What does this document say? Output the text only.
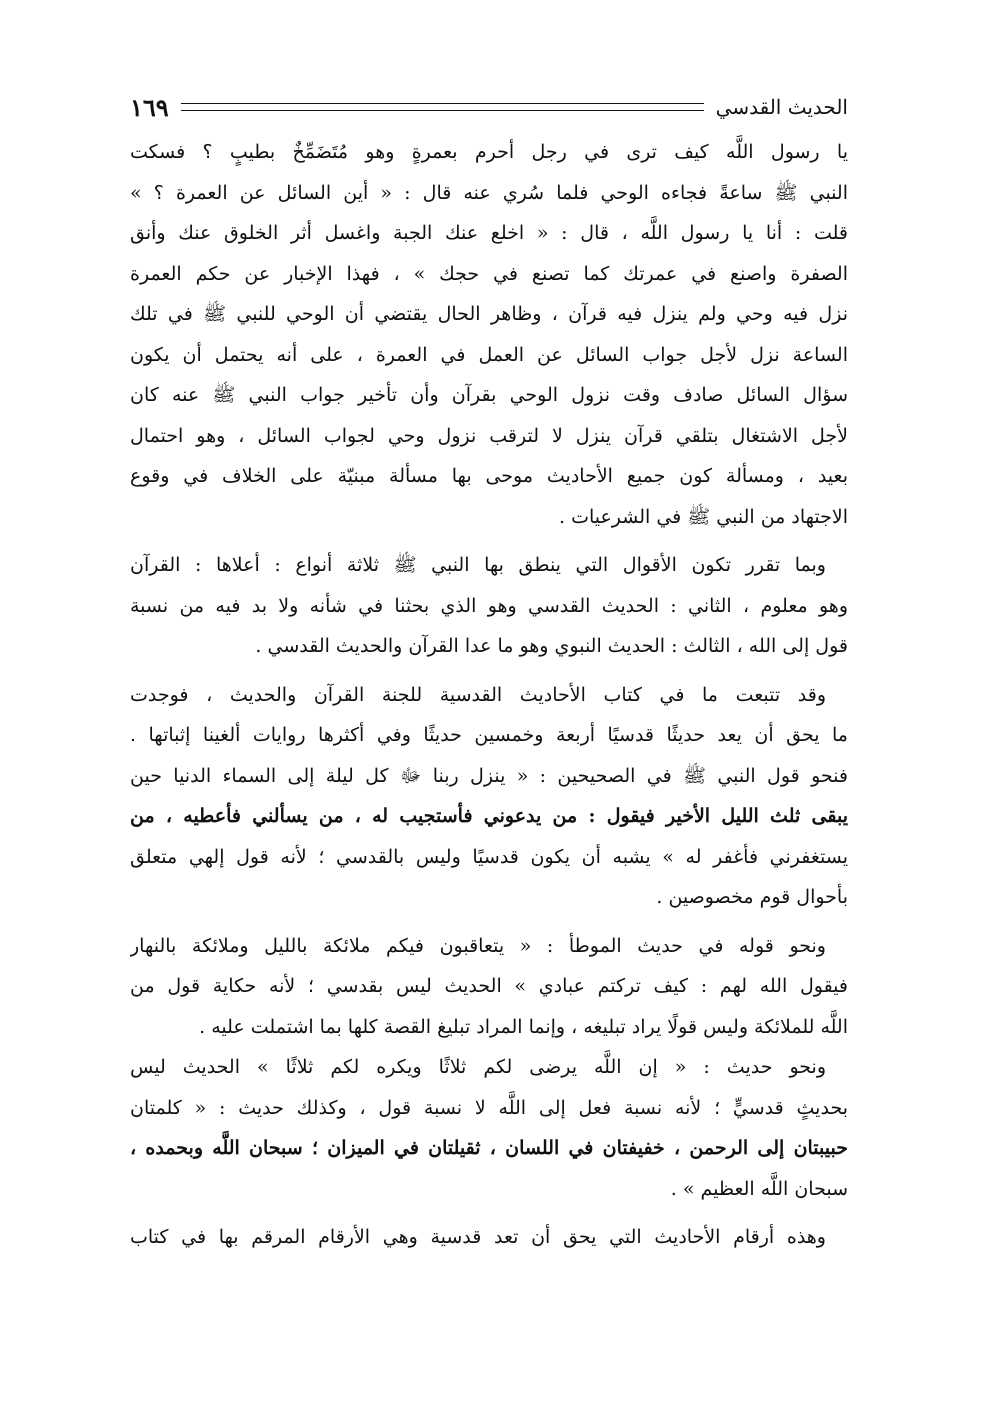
الحديث القدسي
١٦٩
يا رسول اللَّه كيف ترى في رجل أحرم بعمرةٍ وهو مُتَضَمِّخٌ بطيبٍ ؟ فسكت
النبي ﷺ ساعةً فجاءه الوحي فلما سُري عنه قال : « أين السائل عن العمرة ؟ »
قلت : أنا يا رسول اللَّه ، قال : « اخلع عنك الجبة واغسل أثر الخلوق عنك وأنق
الصفرة واصنع في عمرتك كما تصنع في حجك » ، فهذا الإخبار عن حكم العمرة
نزل فيه وحي ولم ينزل فيه قرآن ، وظاهر الحال يقتضي أن الوحي للنبي ﷺ في تلك
الساعة نزل لأجل جواب السائل عن العمل في العمرة ، على أنه يحتمل أن يكون
سؤال السائل صادف وقت نزول الوحي بقرآن وأن تأخير جواب النبي ﷺ عنه كان
لأجل الاشتغال بتلقي قرآن ينزل لا لترقب نزول وحي لجواب السائل ، وهو احتمال
بعيد ، ومسألة كون جميع الأحاديث موحى بها مسألة مبنيّة على الخلاف في وقوع
الاجتهاد من النبي ﷺ في الشرعيات .
وبما تقرر تكون الأقوال التي ينطق بها النبي ﷺ ثلاثة أنواع : أعلاها : القرآن
وهو معلوم ، الثاني : الحديث القدسي وهو الذي بحثنا في شأنه ولا بد فيه من نسبة
قول إلى الله ، الثالث : الحديث النبوي وهو ما عدا القرآن والحديث القدسي .
وقد تتبعت ما في كتاب الأحاديث القدسية للجنة القرآن والحديث ، فوجدت
ما يحق أن يعد حديثًا قدسيًا أربعة وخمسين حديثًا وفي أكثرها روايات ألغينا إثباتها .
فنحو قول النبي ﷺ في الصحيحين : « ينزل ربنا ﷻ كل ليلة إلى السماء الدنيا حين
يبقى ثلث الليل الأخير فيقول : من يدعوني فأستجيب له ، من يسألني فأعطيه ، من
يستغفرني فأغفر له » يشبه أن يكون قدسيًا وليس بالقدسي ؛ لأنه قول إلهي متعلق
بأحوال قوم مخصوصين .
ونحو قوله في حديث الموطأ : « يتعاقبون فيكم ملائكة بالليل وملائكة بالنهار
فيقول الله لهم : كيف تركتم عبادي » الحديث ليس بقدسي ؛ لأنه حكاية قول من
اللَّه للملائكة وليس قولًا يراد تبليغه ، وإنما المراد تبليغ القصة كلها بما اشتملت عليه .
ونحو حديث : « إن اللَّه يرضى لكم ثلاثًا ويكره لكم ثلاثًا » الحديث ليس
بحديثٍ قدسيٍّ ؛ لأنه نسبة فعل إلى اللَّه لا نسبة قول ، وكذلك حديث : « كلمتان
حبيبتان إلى الرحمن ، خفيفتان في اللسان ، ثقيلتان في الميزان ؛ سبحان اللَّه وبحمده ،
سبحان اللَّه العظيم » .
وهذه أرقام الأحاديث التي يحق أن تعد قدسية وهي الأرقام المرقم بها في كتاب
